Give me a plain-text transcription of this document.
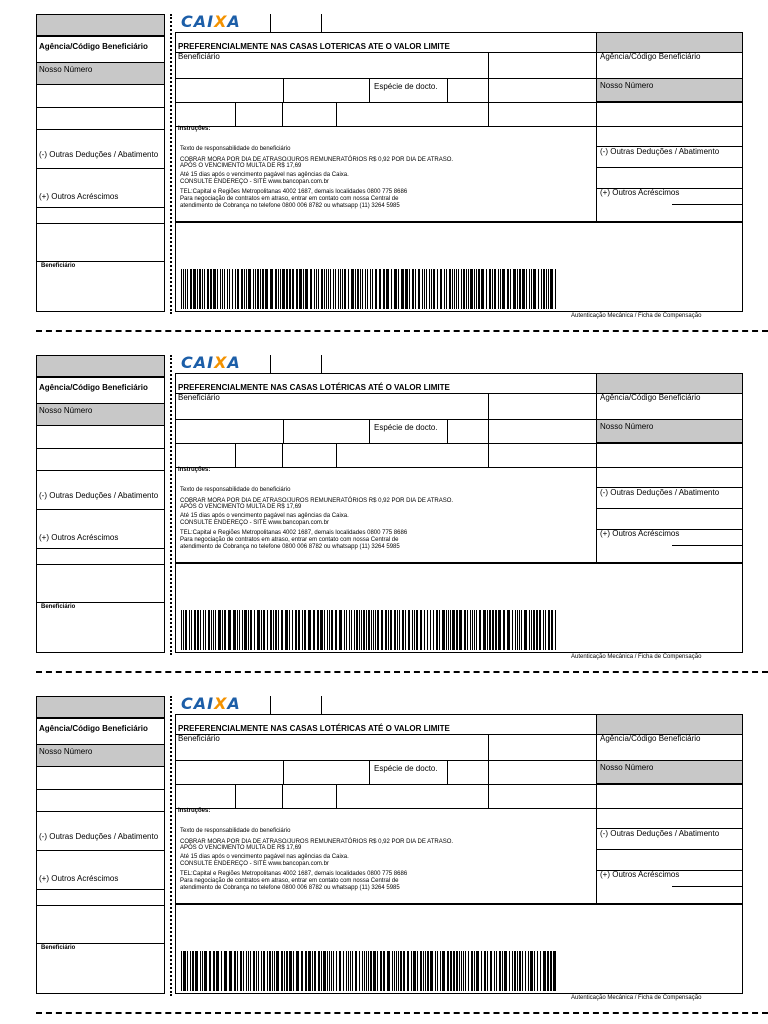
Agência/Código Beneficiário
Nosso Número
(-) Outras Deduções / Abatimento
(+) Outros Acréscimos
Beneficiário
CAIXA
PREFERENCIALMENTE NAS CASAS LOTERICAS ATE O VALOR LIMITE
Beneficiário	Agência/Código Beneficiário
Nosso Número
Espécie de docto.
Instruções:
(-) Outras Deduções / Abatimento
(+) Outros Acréscimos
Texto de responsabilidade do beneficiário
COBRAR MORA POR DIA DE ATRASO/JUROS REMUNERATÓRIOS R$ 0,92 POR DIA DE ATRASO.
APÓS O VENCIMENTO MULTA DE R$ 17,69
Até 15 dias após o vencimento pagável nas agências da Caixa.
CONSULTE ENDEREÇO - SITE www.bancopan.com.br
TEL:Capital e Regiões Metropolitanas 4002 1687, demais localidades 0800 775 8686
Para negociação de contratos em atraso, entrar em contato com nossa Central de
atendimento de Cobrança no telefone 0800 006 8782 ou whatsapp (11) 3264 5985
Autenticação Mecânica / Ficha de Compensação
Agência/Código Beneficiário
Nosso Número
(-) Outras Deduções / Abatimento
(+) Outros Acréscimos
Beneficiário
CAIXA
PREFERENCIALMENTE NAS CASAS LOTÉRICAS ATÉ O VALOR LIMITE
Beneficiário	Agência/Código Beneficiário
Nosso Número
Espécie de docto.
Instruções:
(-) Outras Deduções / Abatimento
(+) Outros Acréscimos
Texto de responsabilidade do beneficiário
COBRAR MORA POR DIA DE ATRASO/JUROS REMUNERATÓRIOS R$ 0,92 POR DIA DE ATRASO.
APÓS O VENCIMENTO MULTA DE R$ 17,69
Até 15 dias após o vencimento pagável nas agências da Caixa.
CONSULTE ENDEREÇO - SITE www.bancopan.com.br
TEL:Capital e Regiões Metropolitanas 4002 1687, demais localidades 0800 775 8686
Para negociação de contratos em atraso, entrar em contato com nossa Central de
atendimento de Cobrança no telefone 0800 006 8782 ou whatsapp (11) 3264 5985
Autenticação Mecânica / Ficha de Compensação
Agência/Código Beneficiário
Nosso Número
(-) Outras Deduções / Abatimento
(+) Outros Acréscimos
Beneficiário
CAIXA
PREFERENCIALMENTE NAS CASAS LOTÉRICAS ATÉ O VALOR LIMITE
Beneficiário	Agência/Código Beneficiário
Nosso Número
Espécie de docto.
Instruções:
(-) Outras Deduções / Abatimento
(+) Outros Acréscimos
Texto de responsabilidade do beneficiário
COBRAR MORA POR DIA DE ATRASO/JUROS REMUNERATÓRIOS R$ 0,92 POR DIA DE ATRASO.
APÓS O VENCIMENTO MULTA DE R$ 17,69
Até 15 dias após o vencimento pagável nas agências da Caixa.
CONSULTE ENDEREÇO - SITE www.bancopan.com.br
TEL:Capital e Regiões Metropolitanas 4002 1687, demais localidades 0800 775 8686
Para negociação de contratos em atraso, entrar em contato com nossa Central de
atendimento de Cobrança no telefone 0800 006 8782 ou whatsapp (11) 3264 5985
Autenticação Mecânica / Ficha de Compensação
